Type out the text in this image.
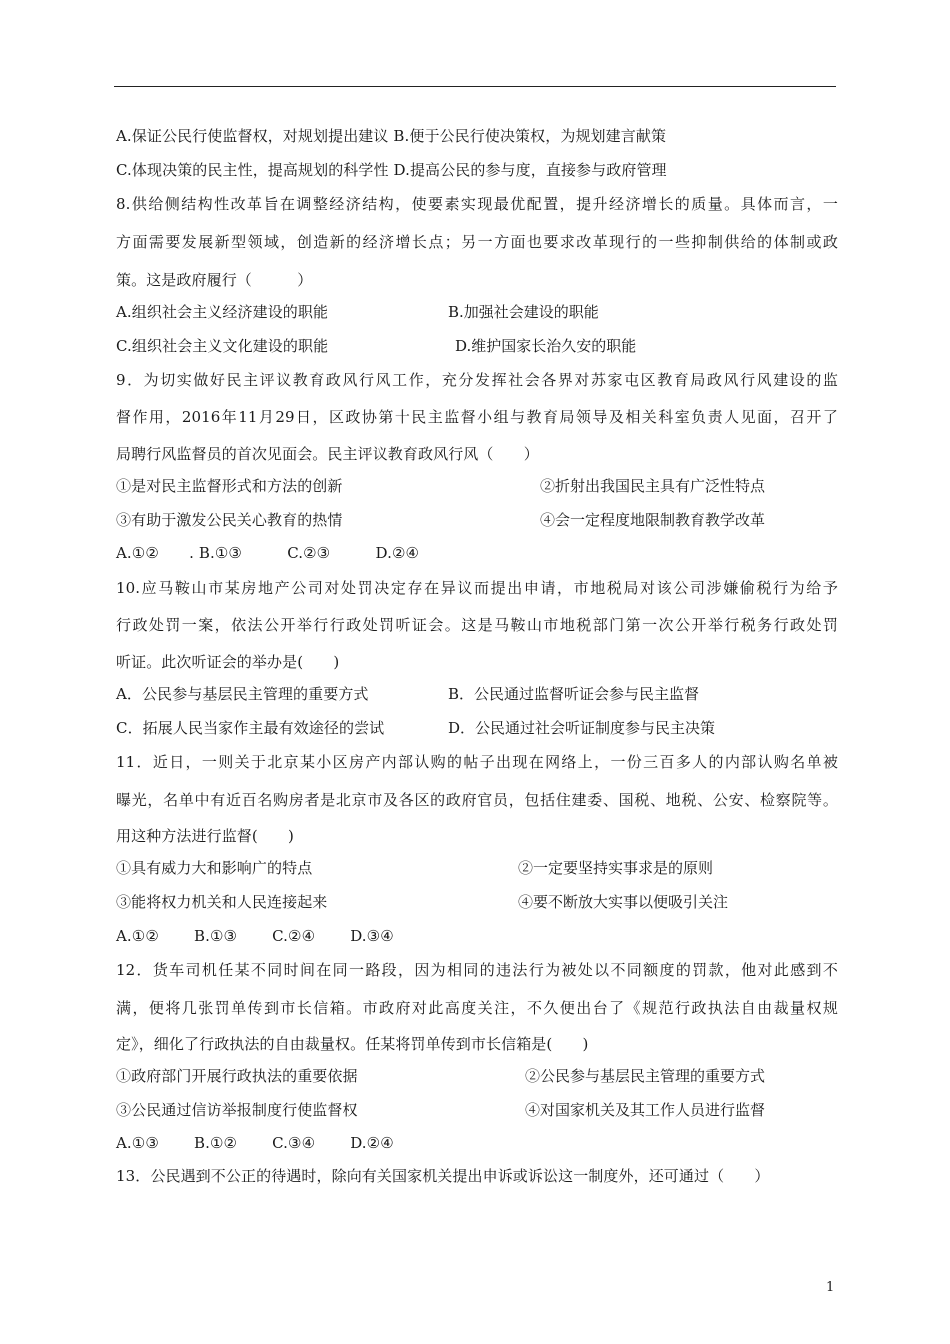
A.保证公民行使监督权，对规划提出建议 B.便于公民行使决策权，为规划建言献策
C.体现决策的民主性，提高规划的科学性 D.提高公民的参与度，直接参与政府管理
8.供给侧结构性改革旨在调整经济结构，使要素实现最优配置，提升经济增长的质量。具体而言，一
方面需要发展新型领域，创造新的经济增长点；另一方面也要求改革现行的一些抑制供给的体制或政
策。这是政府履行（　　　）
A.组织社会主义经济建设的职能	B.加强社会建设的职能
C.组织社会主义文化建设的职能	D.维护国家长治久安的职能
9．为切实做好民主评议教育政风行风工作，充分发挥社会各界对苏家屯区教育局政风行风建设的监
督作用，2016年11月29日，区政协第十民主监督小组与教育局领导及相关科室负责人见面，召开了
局聘行风监督员的首次见面会。民主评议教育政风行风（　　）
①是对民主监督形式和方法的创新	②折射出我国民主具有广泛性特点
③有助于激发公民关心教育的热情	④会一定程度地限制教育教学改革
A.①②　　. B.①③　　　C.②③　　　D.②④
10.应马鞍山市某房地产公司对处罚决定存在异议而提出申请，市地税局对该公司涉嫌偷税行为给予
行政处罚一案，依法公开举行行政处罚听证会。这是马鞍山市地税部门第一次公开举行税务行政处罚
听证。此次听证会的举办是(　　)
A．公民参与基层民主管理的重要方式	B．公民通过监督听证会参与民主监督
C．拓展人民当家作主最有效途径的尝试	D．公民通过社会听证制度参与民主决策
11．近日，一则关于北京某小区房产内部认购的帖子出现在网络上，一份三百多人的内部认购名单被
曝光，名单中有近百名购房者是北京市及各区的政府官员，包括住建委、国税、地税、公安、检察院等。
用这种方法进行监督(　　)
①具有威力大和影响广的特点	②一定要坚持实事求是的原则
③能将权力机关和人民连接起来	④要不断放大实事以便吸引关注
A.①②　　 B.①③　　 C.②④　　 D.③④
12．货车司机任某不同时间在同一路段，因为相同的违法行为被处以不同额度的罚款，他对此感到不
满，便将几张罚单传到市长信箱。市政府对此高度关注，不久便出台了《规范行政执法自由裁量权规
定》，细化了行政执法的自由裁量权。任某将罚单传到市长信箱是(　　)
①政府部门开展行政执法的重要依据	②公民参与基层民主管理的重要方式
③公民通过信访举报制度行使监督权	④对国家机关及其工作人员进行监督
A.①③　　 B.①②　　 C.③④　　 D.②④
13．公民遇到不公正的待遇时，除向有关国家机关提出申诉或诉讼这一制度外，还可通过（　　）
1
